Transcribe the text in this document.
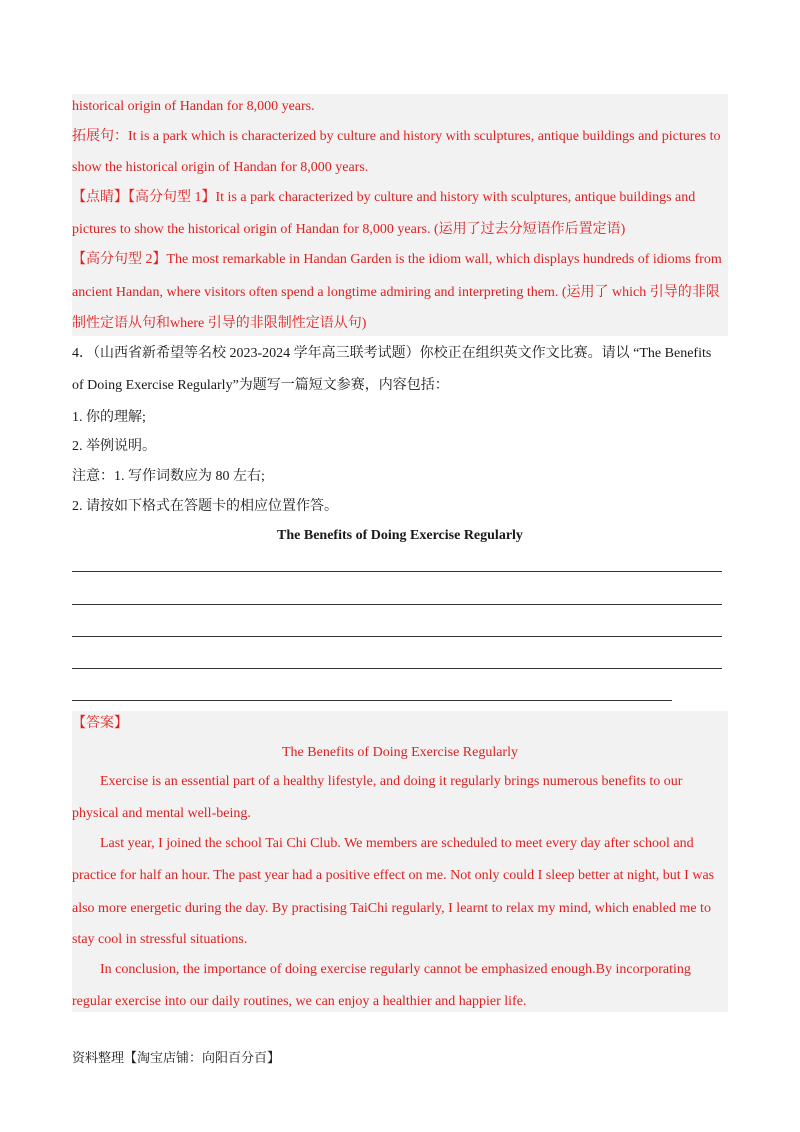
historical origin of Handan for 8,000 years.
拓展句：It is a park which is characterized by culture and history with sculptures, antique buildings and pictures to
show the historical origin of Handan for 8,000 years.
【点睛】【高分句型 1】It is a park characterized by culture and history with sculptures, antique buildings and
pictures to show the historical origin of Handan for 8,000 years. (运用了过去分短语作后置定语)
【高分句型 2】The most remarkable in Handan Garden is the idiom wall, which displays hundreds of idioms from
ancient Handan, where visitors often spend a longtime admiring and interpreting them. (运用了 which 引导的非限
制性定语从句和where 引导的非限制性定语从句)
4．（山西省新希望等名校 2023-2024 学年高三联考试题）你校正在组织英文作文比赛。请以 “The Benefits
of Doing Exercise Regularly”为题写一篇短文参赛，内容包括：
1. 你的理解;
2. 举例说明。
注意：1. 写作词数应为 80 左右;
2. 请按如下格式在答题卡的相应位置作答。
The Benefits of Doing Exercise Regularly
【答案】
The Benefits of Doing Exercise Regularly
Exercise is an essential part of a healthy lifestyle, and doing it regularly brings numerous benefits to our
physical and mental well-being.
Last year, I joined the school Tai Chi Club. We members are scheduled to meet every day after school and
practice for half an hour. The past year had a positive effect on me. Not only could I sleep better at night, but I was
also more energetic during the day. By practising TaiChi regularly, I learnt to relax my mind, which enabled me to
stay cool in stressful situations.
In conclusion, the importance of doing exercise regularly cannot be emphasized enough.By incorporating
regular exercise into our daily routines, we can enjoy a healthier and happier life.
资料整理【淘宝店铺：向阳百分百】
